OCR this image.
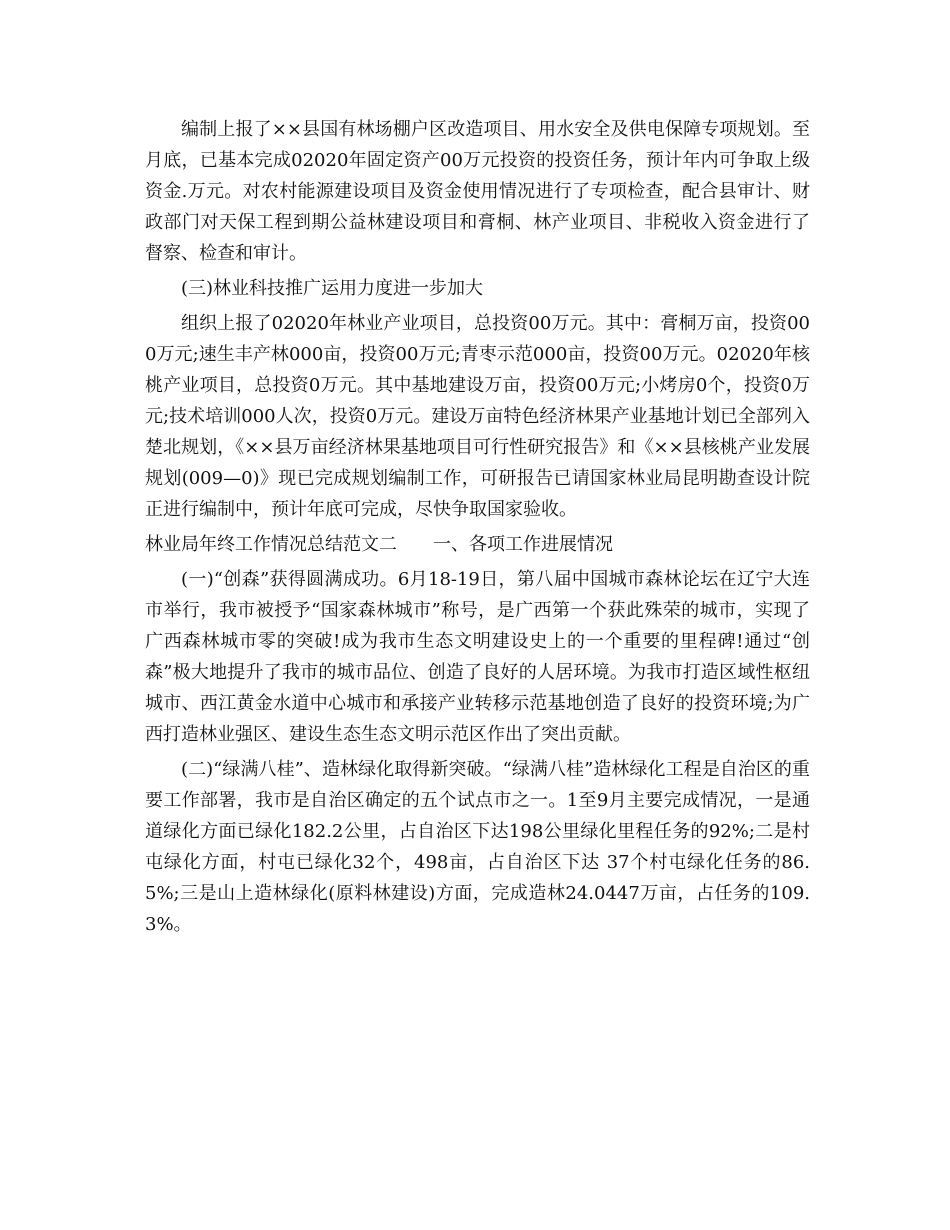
编制上报了××县国有林场棚户区改造项目、用水安全及供电保障专项规划。至月底，已基本完成02020年固定资产00万元投资的投资任务，预计年内可争取上级资金.万元。对农村能源建设项目及资金使用情况进行了专项检查，配合县审计、财政部门对天保工程到期公益林建设项目和膏桐、林产业项目、非税收入资金进行了督察、检查和审计。

(三)林业科技推广运用力度进一步加大

组织上报了02020年林业产业项目，总投资00万元。其中：膏桐万亩，投资000万元;速生丰产林000亩，投资00万元;青枣示范000亩，投资00万元。02020年核桃产业项目，总投资0万元。其中基地建设万亩，投资00万元;小烤房0个，投资0万元;技术培训000人次，投资0万元。建设万亩特色经济林果产业基地计划已全部列入楚北规划，《××县万亩经济林果基地项目可行性研究报告》和《××县核桃产业发展规划(009—0)》现已完成规划编制工作，可研报告已请国家林业局昆明勘查设计院正进行编制中，预计年底可完成，尽快争取国家验收。

林业局年终工作情况总结范文二　　一、各项工作进展情况

(一)“创森”获得圆满成功。6月18-19日，第八届中国城市森林论坛在辽宁大连市举行，我市被授予“国家森林城市”称号，是广西第一个获此殊荣的城市，实现了广西森林城市零的突破!成为我市生态文明建设史上的一个重要的里程碑!通过“创森”极大地提升了我市的城市品位、创造了良好的人居环境。为我市打造区域性枢纽城市、西江黄金水道中心城市和承接产业转移示范基地创造了良好的投资环境;为广西打造林业强区、建设生态生态文明示范区作出了突出贡献。

(二)“绿满八桂”、造林绿化取得新突破。“绿满八桂”造林绿化工程是自治区的重要工作部署，我市是自治区确定的五个试点市之一。1至9月主要完成情况，一是通道绿化方面已绿化182.2公里，占自治区下达198公里绿化里程任务的92%;二是村屯绿化方面，村屯已绿化32个，498亩，占自治区下达 37个村屯绿化任务的86.5%;三是山上造林绿化(原料林建设)方面，完成造林24.0447万亩，占任务的109.3%。
